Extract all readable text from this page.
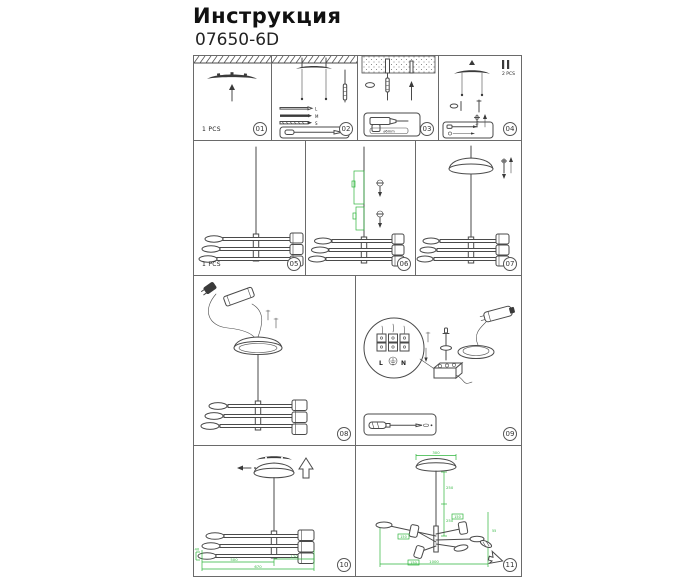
Инструкция
07650-6D
1 PCS	01
L
M
S
02	⌀6mm	03
2 PCS
04
1 PCS	05	06	07
08
L	N
09
40
500
170
670	10
300
250
250
1000
150
150
150
55
11
